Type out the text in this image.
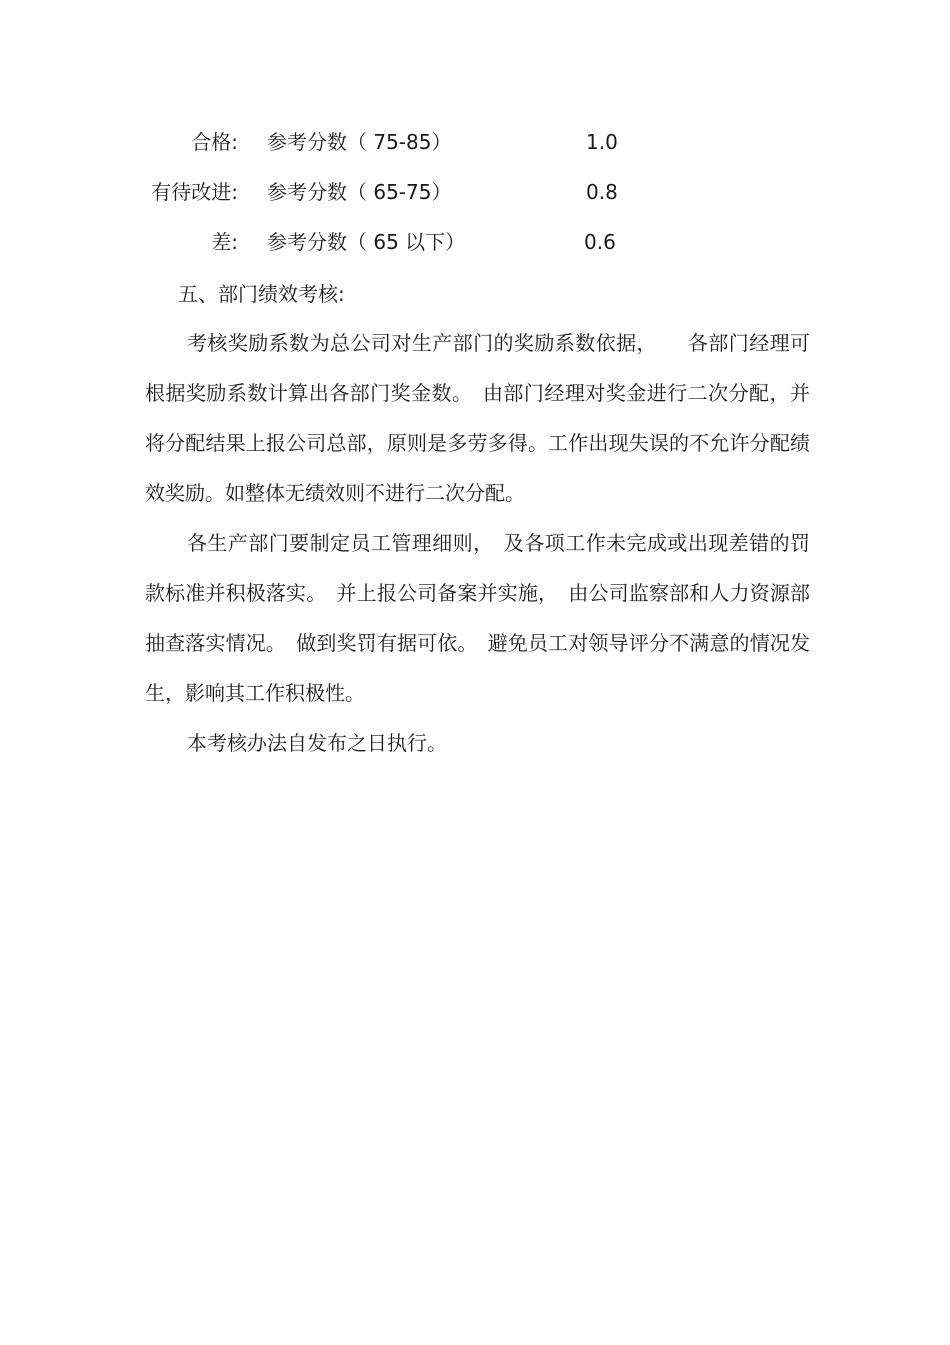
合格: 参考分数（ 75-85）	1.0
有待改进: 参考分数（ 65-75）	0.8
差: 参考分数（ 65 以下）	0.6
五、部门绩效考核:

考核奖励系数为总公司对生产部门的奖励系数依据，　　各部门经理可根据奖励系数计算出各部门奖金数。　由部门经理对奖金进行二次分配，并将分配结果上报公司总部，原则是多劳多得。工作出现失误的不允许分配绩效奖励。如整体无绩效则不进行二次分配。

各生产部门要制定员工管理细则，　及各项工作未完成或出现差错的罚款标准并积极落实。　并上报公司备案并实施，　由公司监察部和人力资源部抽查落实情况。　做到奖罚有据可依。　避免员工对领导评分不满意的情况发生，影响其工作积极性。

本考核办法自发布之日执行。
